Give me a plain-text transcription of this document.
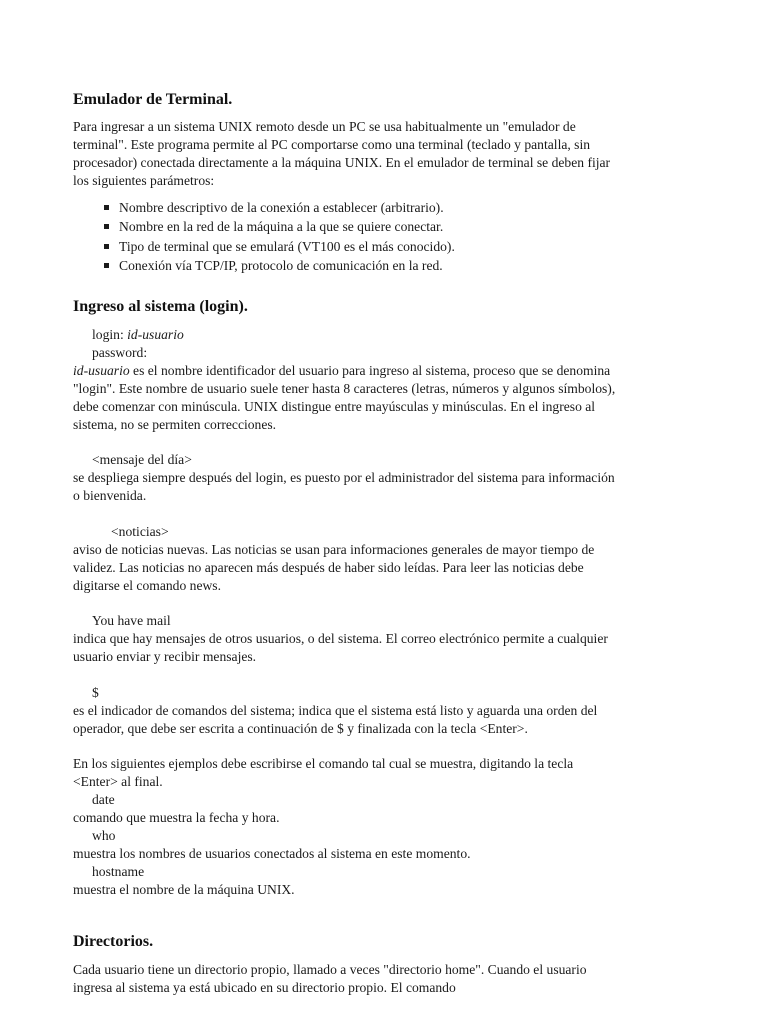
Emulador de Terminal.

Para ingresar a un sistema UNIX remoto desde un PC se usa habitualmente un "emulador de

terminal". Este programa permite al PC comportarse como una terminal (teclado y pantalla, sin

procesador) conectada directamente a la máquina UNIX. En el emulador de terminal se deben fijar

los siguientes parámetros:

Nombre descriptivo de la conexión a establecer (arbitrario).
Nombre en la red de la máquina a la que se quiere conectar.
Tipo de terminal que se emulará (VT100 es el más conocido).
Conexión vía TCP/IP, protocolo de comunicación en la red.
Ingreso al sistema (login).

login: id-usuario

password:

id-usuario es el nombre identificador del usuario para ingreso al sistema, proceso que se denomina

"login". Este nombre de usuario suele tener hasta 8 caracteres (letras, números y algunos símbolos),

debe comenzar con minúscula. UNIX distingue entre mayúsculas y minúsculas. En el ingreso al

sistema, no se permiten correcciones.

<mensaje del día>

se despliega siempre después del login, es puesto por el administrador del sistema para información

o bienvenida.

<noticias>

aviso de noticias nuevas. Las noticias se usan para informaciones generales de mayor tiempo de

validez. Las noticias no aparecen más después de haber sido leídas. Para leer las noticias debe

digitarse el comando news.

You have mail

indica que hay mensajes de otros usuarios, o del sistema. El correo electrónico permite a cualquier

usuario enviar y recibir mensajes.

$

es el indicador de comandos del sistema; indica que el sistema está listo y aguarda una orden del

operador, que debe ser escrita a continuación de $ y finalizada con la tecla <Enter>.

En los siguientes ejemplos debe escribirse el comando tal cual se muestra, digitando la tecla

<Enter> al final.

date

comando que muestra la fecha y hora.

who

muestra los nombres de usuarios conectados al sistema en este momento.

hostname

muestra el nombre de la máquina UNIX.

Directorios.

Cada usuario tiene un directorio propio, llamado a veces "directorio home". Cuando el usuario

ingresa al sistema ya está ubicado en su directorio propio. El comando
